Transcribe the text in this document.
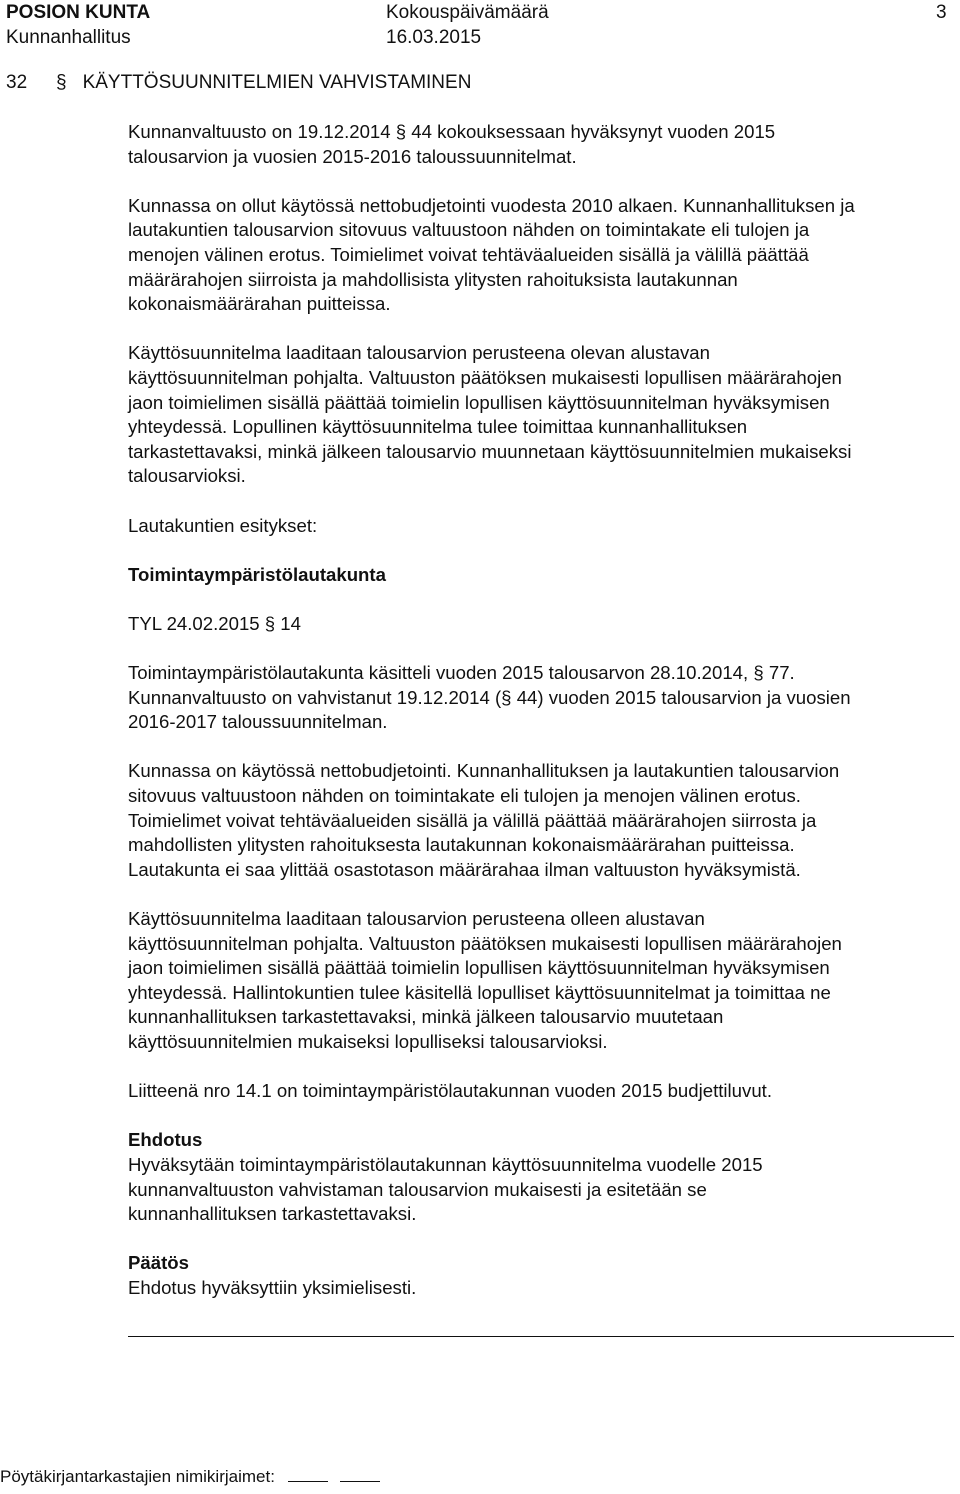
POSION KUNTA	Kokouspäivämäärä	3
Kunnanhallitus	16.03.2015
32 § KÄYTTÖSUUNNITELMIEN VAHVISTAMINEN

Kunnanvaltuusto on 19.12.2014 § 44 kokouksessaan hyväksynyt vuoden 2015

talousarvion ja vuosien 2015-2016 taloussuunnitelmat.

Kunnassa on ollut käytössä nettobudjetointi vuodesta 2010 alkaen. Kunnanhallituksen ja

lautakuntien talousarvion sitovuus valtuustoon nähden on toimintakate eli tulojen ja

menojen välinen erotus. Toimielimet voivat tehtäväalueiden sisällä ja välillä päättää

määrärahojen siirroista ja mahdollisista ylitysten rahoituksista lautakunnan

kokonaismäärärahan puitteissa.

Käyttösuunnitelma laaditaan talousarvion perusteena olevan alustavan

käyttösuunnitelman pohjalta. Valtuuston päätöksen mukaisesti lopullisen määrärahojen

jaon toimielimen sisällä päättää toimielin lopullisen käyttösuunnitelman hyväksymisen

yhteydessä. Lopullinen käyttösuunnitelma tulee toimittaa kunnanhallituksen

tarkastettavaksi, minkä jälkeen talousarvio muunnetaan käyttösuunnitelmien mukaiseksi

talousarvioksi.

Lautakuntien esitykset:

Toimintaympäristölautakunta

TYL 24.02.2015 § 14

Toimintaympäristölautakunta käsitteli vuoden 2015 talousarvon 28.10.2014, § 77.

Kunnanvaltuusto on vahvistanut 19.12.2014 (§ 44) vuoden 2015 talousarvion ja vuosien

2016-2017 taloussuunnitelman.

Kunnassa on käytössä nettobudjetointi. Kunnanhallituksen ja lautakuntien talousarvion

sitovuus valtuustoon nähden on toimintakate eli tulojen ja menojen välinen erotus.

Toimielimet voivat tehtäväalueiden sisällä ja välillä päättää määrärahojen siirrosta ja

mahdollisten ylitysten rahoituksesta lautakunnan kokonaismäärärahan puitteissa.

Lautakunta ei saa ylittää osastotason määrärahaa ilman valtuuston hyväksymistä.

Käyttösuunnitelma laaditaan talousarvion perusteena olleen alustavan

käyttösuunnitelman pohjalta. Valtuuston päätöksen mukaisesti lopullisen määrärahojen

jaon toimielimen sisällä päättää toimielin lopullisen käyttösuunnitelman hyväksymisen

yhteydessä. Hallintokuntien tulee käsitellä lopulliset käyttösuunnitelmat ja toimittaa ne

kunnanhallituksen tarkastettavaksi, minkä jälkeen talousarvio muutetaan

käyttösuunnitelmien mukaiseksi lopulliseksi talousarvioksi.

Liitteenä nro 14.1 on toimintaympäristölautakunnan vuoden 2015 budjettiluvut.

Ehdotus

Hyväksytään toimintaympäristölautakunnan käyttösuunnitelma vuodelle 2015

kunnanvaltuuston vahvistaman talousarvion mukaisesti ja esitetään se

kunnanhallituksen tarkastettavaksi.

Päätös

Ehdotus hyväksyttiin yksimielisesti.

Pöytäkirjantarkastajien nimikirjaimet:
